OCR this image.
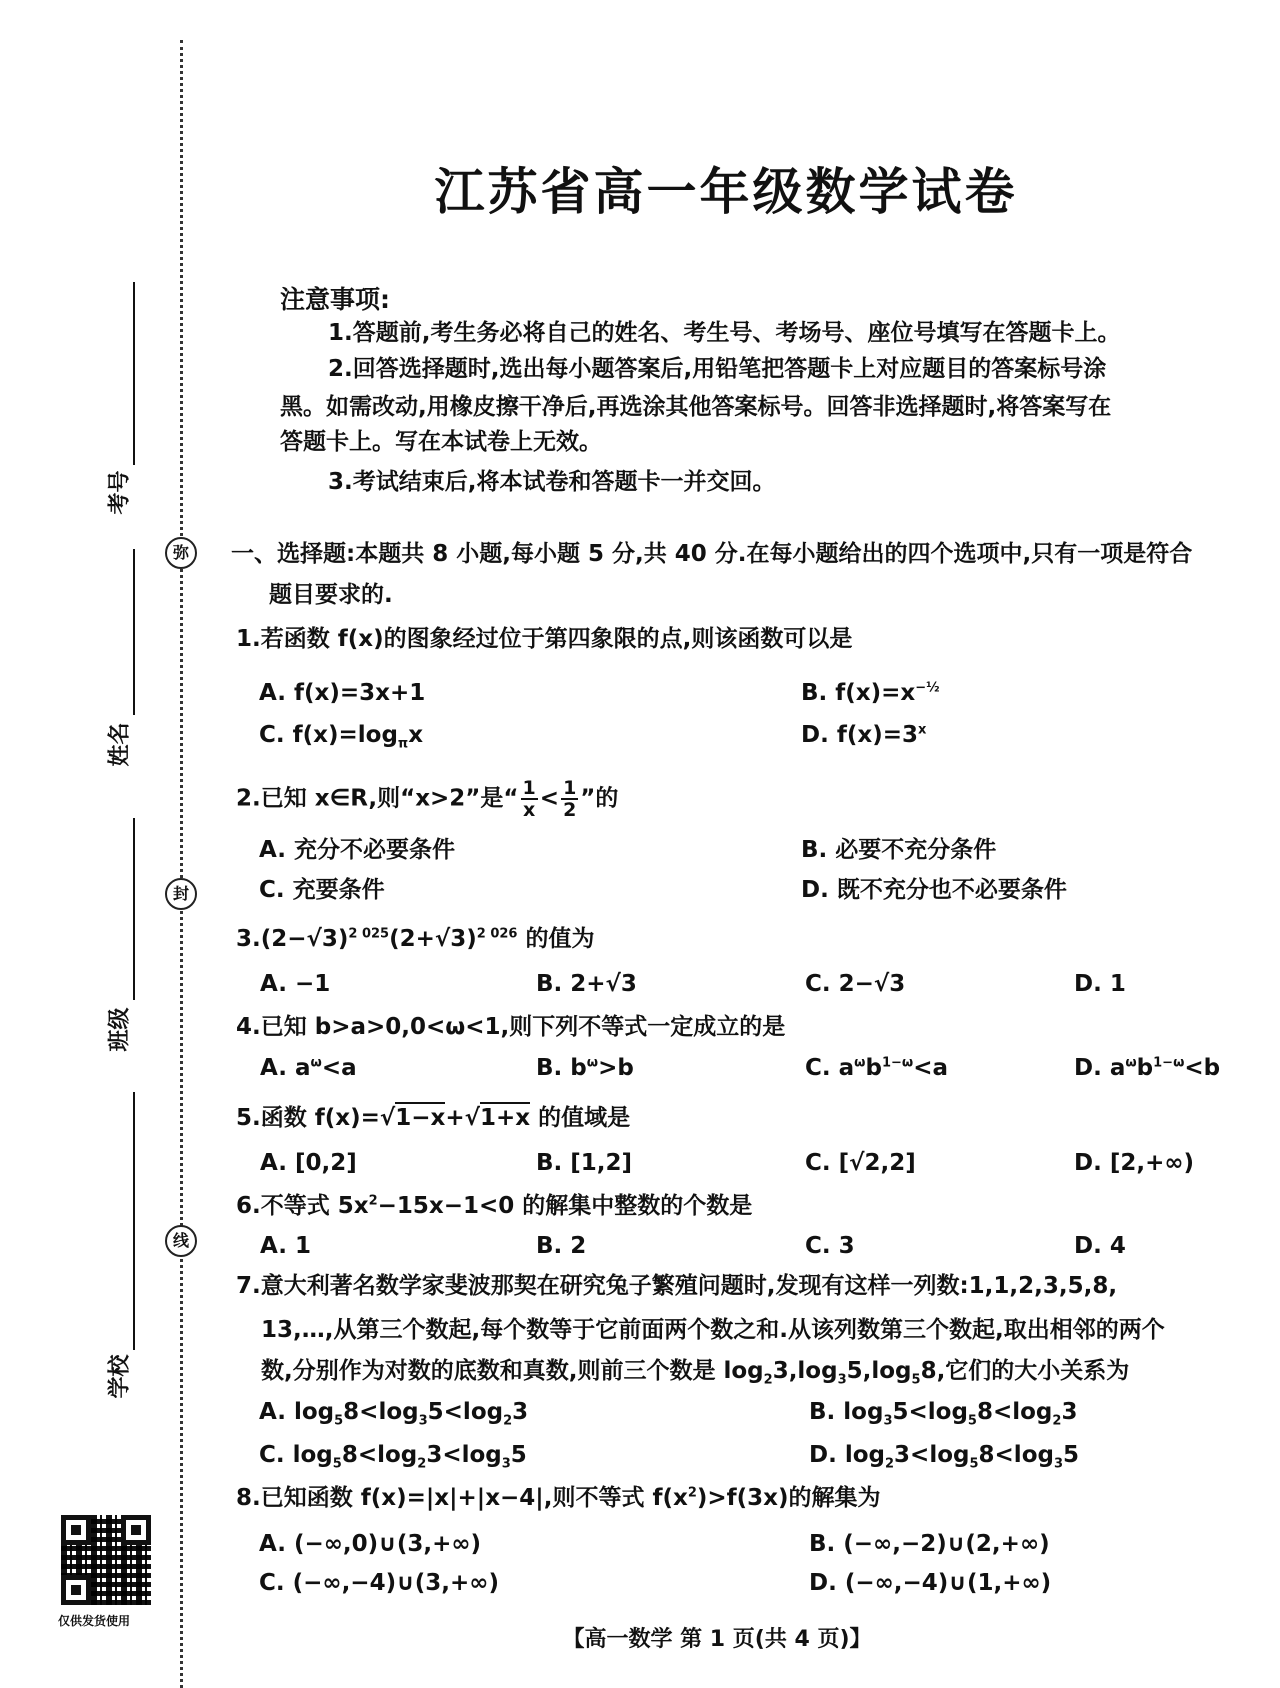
江苏省高一年级数学试卷
注意事项:
1.答题前,考生务必将自己的姓名、考生号、考场号、座位号填写在答题卡上。
2.回答选择题时,选出每小题答案后,用铅笔把答题卡上对应题目的答案标号涂
黑。如需改动,用橡皮擦干净后,再选涂其他答案标号。回答非选择题时,将答案写在
答题卡上。写在本试卷上无效。
3.考试结束后,将本试卷和答题卡一并交回。
一、选择题:本题共 8 小题,每小题 5 分,共 40 分.在每小题给出的四个选项中,只有一项是符合
题目要求的.
1.若函数 f(x)的图象经过位于第四象限的点,则该函数可以是
A. f(x)=3x+1	B. $f(x)=x^{-\frac{1}{2}}$
C. $f(x)=\log_\pi x$	D. $f(x)=3^x$
2.已知 x∈R,则“x>2”是“ $\frac{1}{x} < \frac{1}{2}$ ”的
A. 充分不必要条件	B. 必要不充分条件
C. 充要条件	D. 既不充分也不必要条件
$3.(2-√3)^{2 025}(2+√3)^{2 026}$ 的值为
A. −1	B. 2+√3	C. 2−√3	D. 1
4.已知 b>a>0,0<ω<1,则下列不等式一定成立的是
A. $a^\omega<a$	B. $b^\omega>b$	C. $a^\omega b^{1-\omega}<a$	D. $a^\omega b^{1-\omega}<b$
5.函数 f(x)=√1−x+√1+x 的值域是
A. [0,2]	B. [1,2]	C. [√2,2]	D. [2,+∞)
6.不等式 $5x^2-15x-1<0$ 的解集中整数的个数是
A. 1	B. 2	C. 3	D. 4
7.意大利著名数学家斐波那契在研究兔子繁殖问题时,发现有这样一列数:1,1,2,3,5,8,
13,…,从第三个数起,每个数等于它前面两个数之和.从该列数第三个数起,取出相邻的两个
数,分别作为对数的底数和真数,则前三个数是 $\log_23,\log_35,\log_58$,它们的大小关系为
A. $\log_58<\log_35<\log_23$	B. $\log_35<\log_58<\log_23$
C. $\log_58<\log_23<\log_35$	D. $\log_23<\log_58<\log_35$
8.已知函数 f(x)=|x|+|x−4|,则不等式 $f(x^2)>f(3x)$的解集为
A. (−∞,0)∪(3,+∞)	B. (−∞,−2)∪(2,+∞)
C. (−∞,−4)∪(3,+∞)	D. (−∞,−4)∪(1,+∞)
弥
封
线
考号
姓名
班级
学校
仅供发货使用
【高一数学 第 1 页(共 4 页)】
